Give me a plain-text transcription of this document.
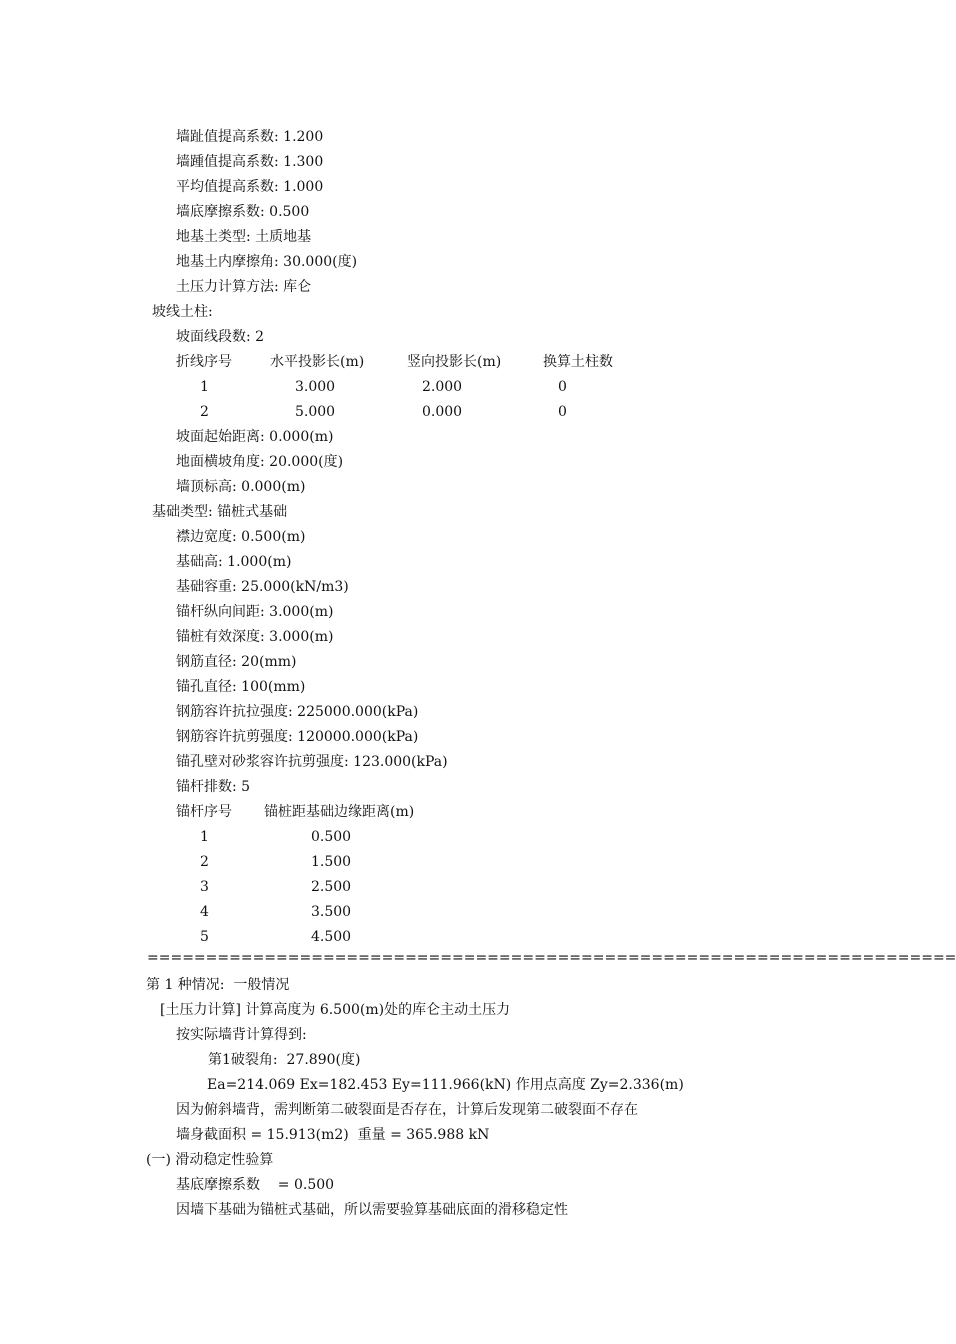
墙趾值提高系数: 1.200
墙踵值提高系数: 1.300
平均值提高系数: 1.000
墙底摩擦系数: 0.500
地基土类型: 土质地基
地基土内摩擦角: 30.000(度)
土压力计算方法: 库仑
坡线土柱:
坡面线段数: 2
折线序号	水平投影长(m)	竖向投影长(m)	换算土柱数
1	3.000	2.000	0
2	5.000	0.000	0
坡面起始距离: 0.000(m)
地面横坡角度: 20.000(度)
墙顶标高: 0.000(m)
基础类型: 锚桩式基础
襟边宽度: 0.500(m)
基础高: 1.000(m)
基础容重: 25.000(kN/m3)
锚杆纵向间距: 3.000(m)
锚桩有效深度: 3.000(m)
钢筋直径: 20(mm)
锚孔直径: 100(mm)
钢筋容许抗拉强度: 225000.000(kPa)
钢筋容许抗剪强度: 120000.000(kPa)
锚孔壁对砂浆容许抗剪强度: 123.000(kPa)
锚杆排数: 5
锚杆序号 锚桩距基础边缘距离(m)
1	0.500
2	1.500
3	2.500
4	3.500
5	4.500
=====================================================================
第 1 种情况:  一般情况
[土压力计算] 计算高度为 6.500(m)处的库仑主动土压力
按实际墙背计算得到:
第1破裂角:  27.890(度)
Ea=214.069 Ex=182.453 Ey=111.966(kN) 作用点高度 Zy=2.336(m)
因为俯斜墙背，需判断第二破裂面是否存在，计算后发现第二破裂面不存在
墙身截面积 = 15.913(m2)  重量 = 365.988 kN
(一) 滑动稳定性验算
基底摩擦系数    = 0.500
因墙下基础为锚桩式基础，所以需要验算基础底面的滑移稳定性
